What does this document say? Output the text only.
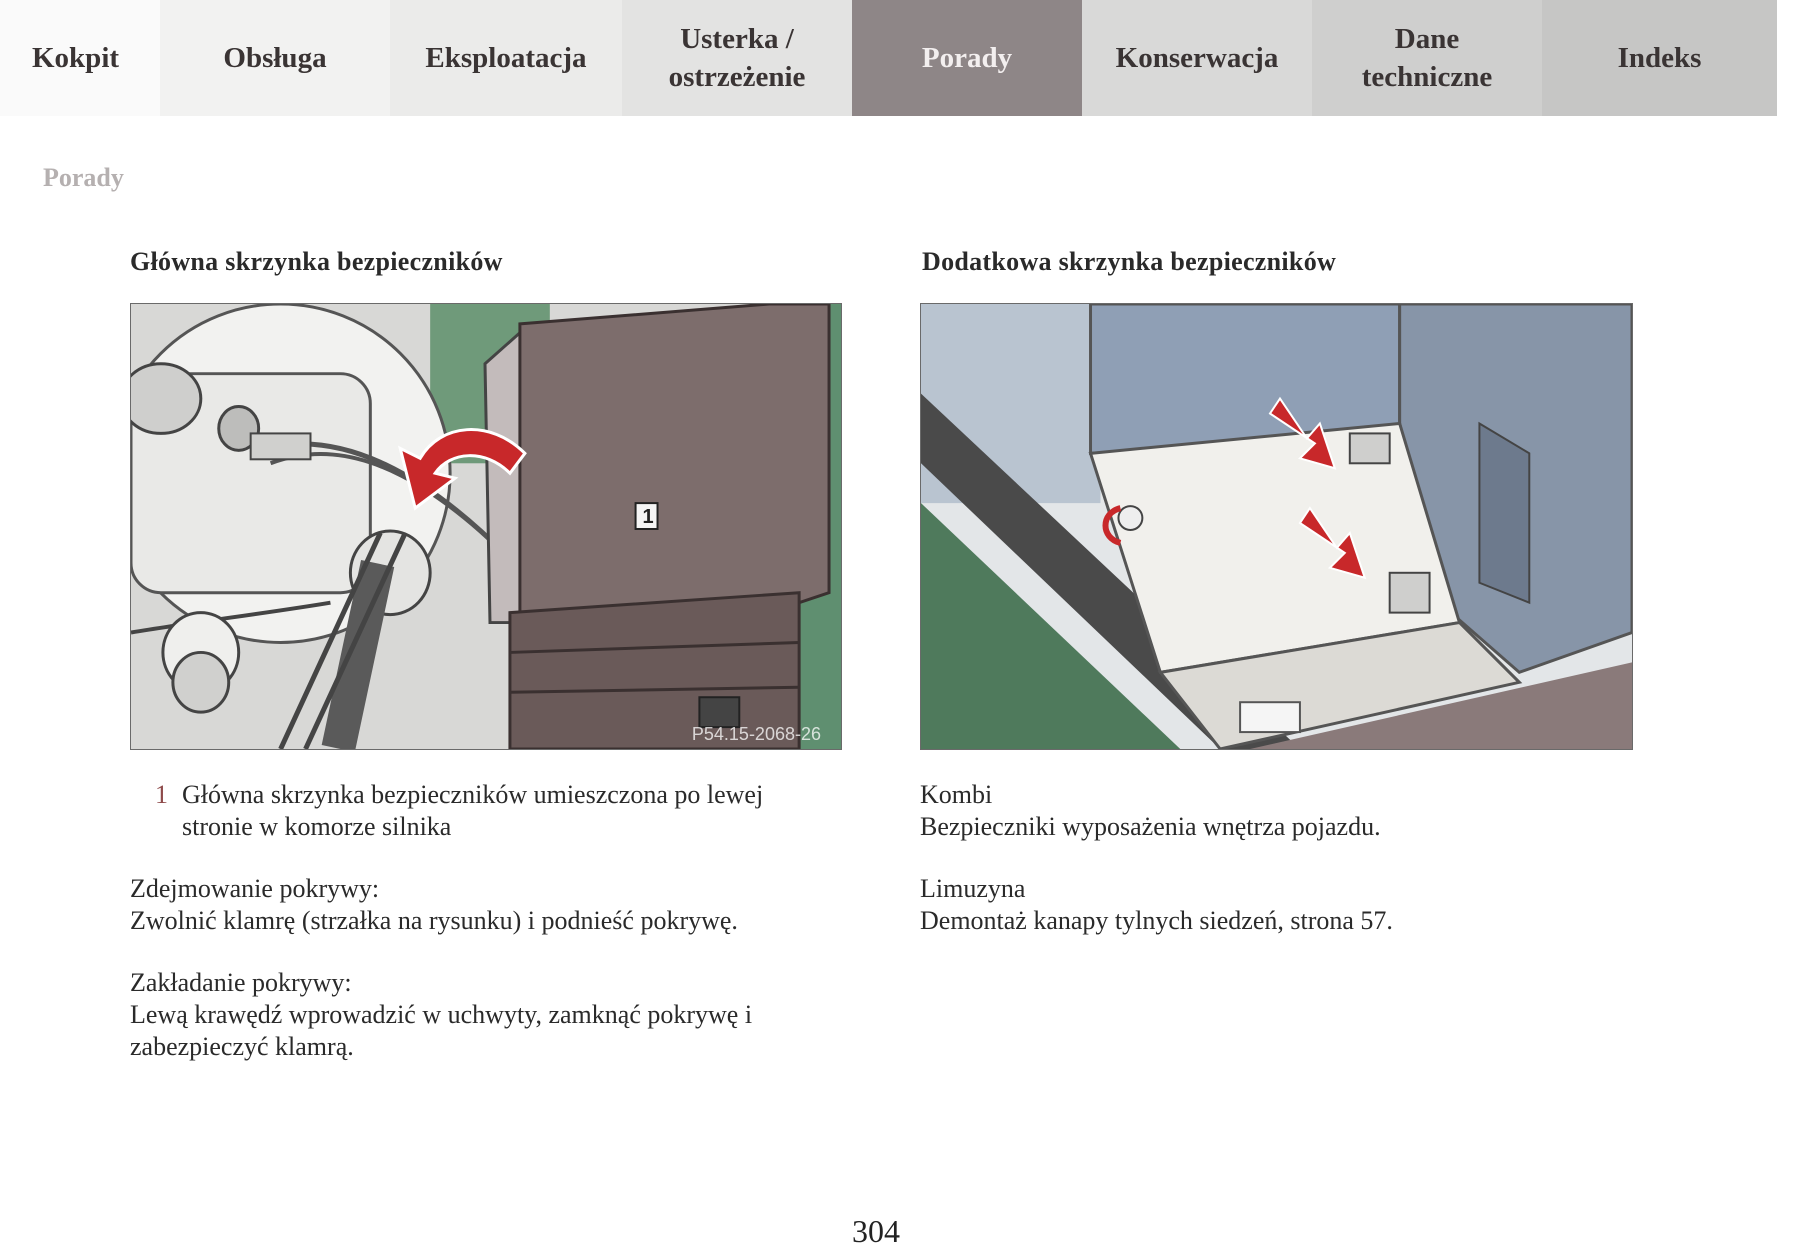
Kokpit	Obsługa	Eksploatacja
Usterka / ostrzeżenie
Porady	Konserwacja
Dane techniczne
Indeks
Porady
Główna skrzynka bezpieczników	Dodatkowa skrzynka bezpieczników
1
P54.15-2068-26
1 Główna skrzynka bezpieczników umieszczona po lewej stronie w komorze silnika
Zdejmowanie pokrywy:
Zwolnić klamrę (strzałka na rysunku) i podnieść pokrywę.
Zakładanie pokrywy:
Lewą krawędź wprowadzić w uchwyty, zamknąć pokrywę i zabezpieczyć klamrą.
Kombi
Bezpieczniki wyposażenia wnętrza pojazdu.
Limuzyna
Demontaż kanapy tylnych siedzeń, strona 57.
304
